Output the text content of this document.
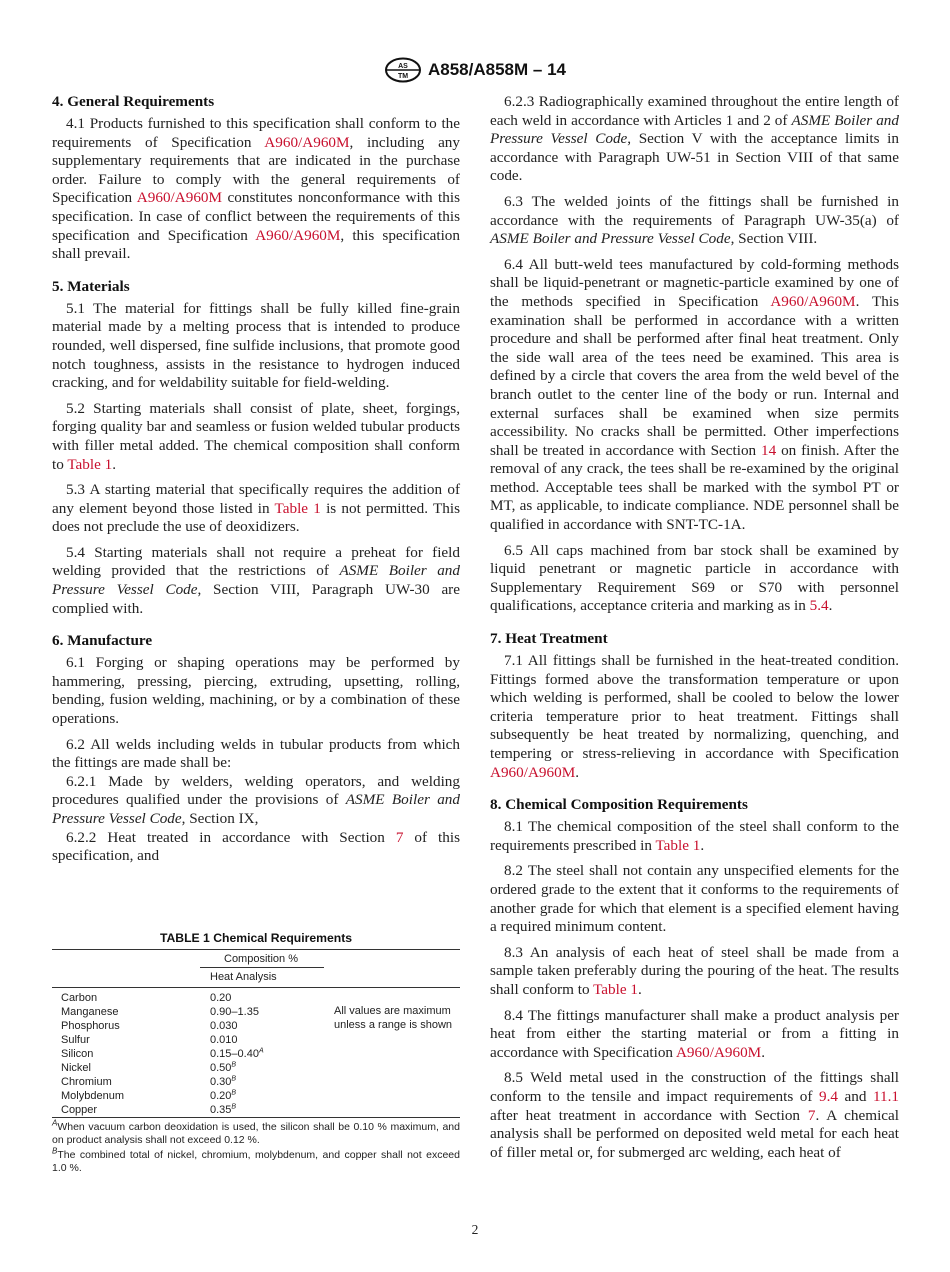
AS
TM A858/A858M – 14
4. General Requirements

4.1 Products furnished to this specification shall conform to the requirements of Specification A960/A960M, including any supplementary requirements that are indicated in the purchase order. Failure to comply with the general requirements of Specification A960/A960M constitutes nonconformance with this specification. In case of conflict between the requirements of this specification and Specification A960/A960M, this specification shall prevail.

5. Materials

5.1 The material for fittings shall be fully killed fine-grain material made by a melting process that is intended to produce rounded, well dispersed, fine sulfide inclusions, that promote good notch toughness, assists in the resistance to hydrogen induced cracking, and for weldability suitable for field-welding.

5.2 Starting materials shall consist of plate, sheet, forgings, forging quality bar and seamless or fusion welded tubular products with filler metal added. The chemical composition shall conform to Table 1.

5.3 A starting material that specifically requires the addition of any element beyond those listed in Table 1 is not permitted. This does not preclude the use of deoxidizers.

5.4 Starting materials shall not require a preheat for field welding provided that the restrictions of ASME Boiler and Pressure Vessel Code, Section VIII, Paragraph UW-30 are complied with.

6. Manufacture

6.1 Forging or shaping operations may be performed by hammering, pressing, piercing, extruding, upsetting, rolling, bending, fusion welding, machining, or by a combination of these operations.

6.2 All welds including welds in tubular products from which the fittings are made shall be:

6.2.1 Made by welders, welding operators, and welding procedures qualified under the provisions of ASME Boiler and Pressure Vessel Code, Section IX,

6.2.2 Heat treated in accordance with Section 7 of this specification, and

TABLE 1 Chemical Requirements
Composition %
Heat Analysis
All values are maximum unless a range is shown
Carbon	0.20
Manganese	0.90–1.35
Phosphorus	0.030
Sulfur	0.010
Silicon	$0.15-0.40^A$
Nickel	$0.50^B$
Chromium	$0.30^B$
Molybdenum	$0.20^B$
Copper	$0.35^B$
$^A$When vacuum carbon deoxidation is used, the silicon shall be 0.10 % maximum, and on product analysis shall not exceed 0.12 %.
$^B$The combined total of nickel, chromium, molybdenum, and copper shall not exceed 1.0 %.

6.2.3 Radiographically examined throughout the entire length of each weld in accordance with Articles 1 and 2 of ASME Boiler and Pressure Vessel Code, Section V with the acceptance limits in accordance with Paragraph UW-51 in Section VIII of that same code.

6.3 The welded joints of the fittings shall be furnished in accordance with the requirements of Paragraph UW-35(a) of ASME Boiler and Pressure Vessel Code, Section VIII.

6.4 All butt-weld tees manufactured by cold-forming methods shall be liquid-penetrant or magnetic-particle examined by one of the methods specified in Specification A960/A960M. This examination shall be performed in accordance with a written procedure and shall be performed after final heat treatment. Only the side wall area of the tees need be examined. This area is defined by a circle that covers the area from the weld bevel of the branch outlet to the center line of the body or run. Internal and external surfaces shall be examined when size permits accessibility. No cracks shall be permitted. Other imperfections shall be treated in accordance with Section 14 on finish. After the removal of any crack, the tees shall be re-examined by the original method. Acceptable tees shall be marked with the symbol PT or MT, as applicable, to indicate compliance. NDE personnel shall be qualified in accordance with SNT-TC-1A.

6.5 All caps machined from bar stock shall be examined by liquid penetrant or magnetic particle in accordance with Supplementary Requirement S69 or S70 with personnel qualifications, acceptance criteria and marking as in 5.4.

7. Heat Treatment

7.1 All fittings shall be furnished in the heat-treated condition. Fittings formed above the transformation temperature or upon which welding is performed, shall be cooled to below the lower criteria temperature prior to heat treatment. Fittings shall subsequently be heat treated by normalizing, quenching, and tempering or stress-relieving in accordance with Specification A960/A960M.

8. Chemical Composition Requirements

8.1 The chemical composition of the steel shall conform to the requirements prescribed in Table 1.

8.2 The steel shall not contain any unspecified elements for the ordered grade to the extent that it conforms to the requirements of another grade for which that element is a specified element having a required minimum content.

8.3 An analysis of each heat of steel shall be made from a sample taken preferably during the pouring of the heat. The results shall conform to Table 1.

8.4 The fittings manufacturer shall make a product analysis per heat from either the starting material or from a fitting in accordance with Specification A960/A960M.

8.5 Weld metal used in the construction of the fittings shall conform to the tensile and impact requirements of 9.4 and 11.1 after heat treatment in accordance with Section 7. A chemical analysis shall be performed on deposited weld metal for each heat of filler metal or, for submerged arc welding, each heat of

2
